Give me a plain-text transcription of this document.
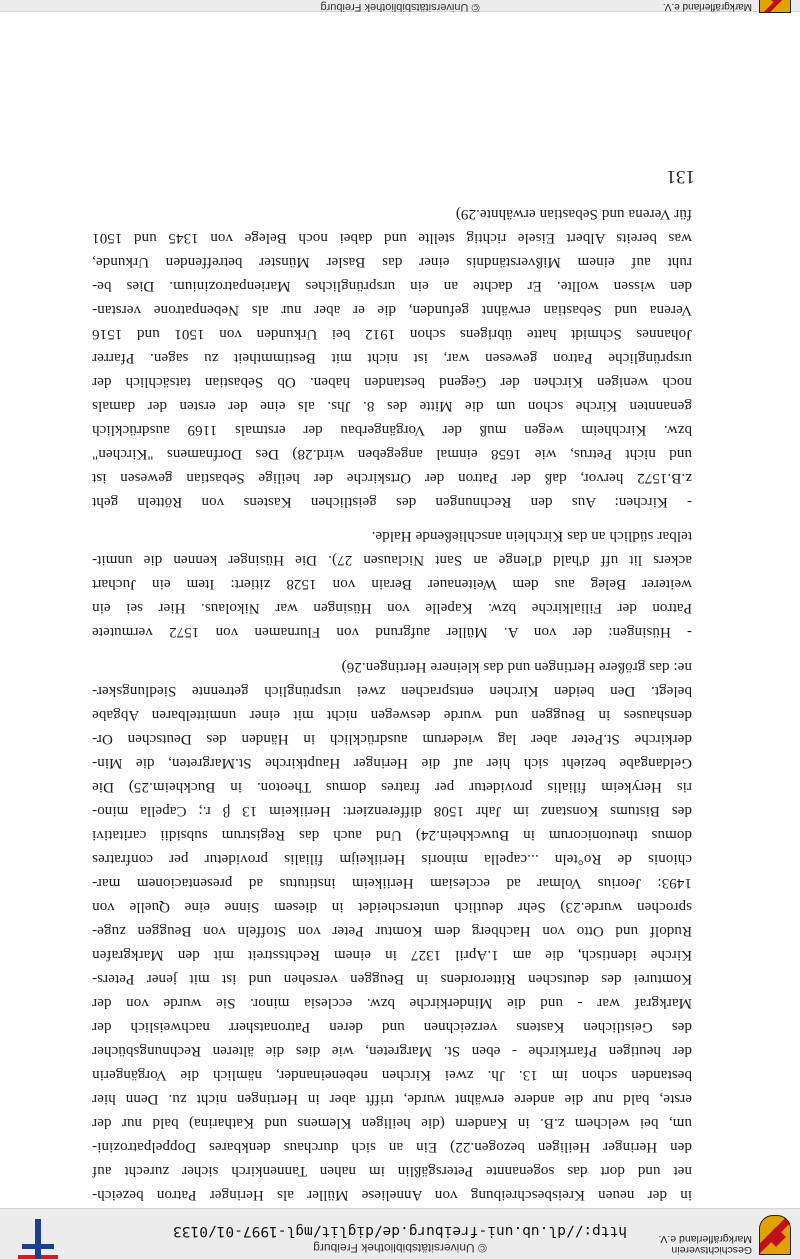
Geschichtsverein
Markgräflerland e.V.
© Universitätsbibliothek Freiburg
http://dl.ub.uni-freiburg.de/diglit/mgl-1997-01/0133
in der neuen Kreisbeschreibung von Anneliese Müller als Heringer Patron bezeich-
net und dort das sogenannte Petersgäßlin im nahen Tannenkirch sicher zurecht auf
den Heringer Heiligen bezogen.22) Ein an sich durchaus denkbares Doppelpatrozini-
um, bei welchem z.B. in Kandern (die heiligen Klemens und Katharina) bald nur der
erste, bald nur die andere erwähnt wurde, trifft aber in Hertingen nicht zu. Denn hier
bestanden schon im 13. Jh. zwei Kirchen nebeneinander, nämlich die Vorgängerin
der heutigen Pfarrkirche - eben St. Margreten, wie dies die älteren Rechnungsbücher
des Geistlichen Kastens verzeichnen und deren Patronatsherr nachweislich der
Markgraf war - und die Minderkirche bzw. ecclesia minor. Sie wurde von der
Komturei des deutschen Ritterordens in Beuggen versehen und ist mit jener Peters-
Kirche identisch, die am 1.April 1327 in einem Rechtsstreit mit den Markgrafen
Rudolf und Otto von Hachberg dem Komtur Peter von Stoffeln von Beuggen zuge-
sprochen wurde.23) Sehr deutlich unterscheidet in diesem Sinne eine Quelle von
1493: Jeorius Volmar ad ecclesiam Heriikeim institutus ad presentacionem mar-
chionis de Ro°teln ...capella minoris Heriikeijm filialis providetur per confratres
domus theutonicorum in Buwckhein.24) Und auch das Registrum subsidii caritativi
des Bistums Konstanz im Jahr 1508 differenziert: Heriikeim 13 β r.; Capella mino-
ris Herykeim filialis providetur per fratres domus Theoton. in Buckheim.25) Die
Geldangabe bezieht sich hier auf die Heringer Hauptkirche St.Margreten, die Min-
derkirche St.Peter aber lag wiederum ausdrücklich in Händen des Deutschen Or-
denshauses in Beuggen und wurde deswegen nicht mit einer unmittelbaren Abgabe
belegt. Den beiden Kirchen entsprachen zwei ursprünglich getrennte Siedlungsker-
ne: das größere Hertingen und das kleinere Hertingen.26)
- Hüsingen: der von A. Müller aufgrund von Flurnamen von 1572 vermutete
Patron der Filialkirche bzw. Kapelle von Hüsingen war Nikolaus. Hier sei ein
weiterer Beleg aus dem Weitenauer Berain von 1528 zitiert: Item ein Juchart
ackers lit uff d'hald d'lenge an Sant Niclausen 27). Die Hüsinger kennen die unmit-
telbar südlich an das Kirchlein anschließende Halde.
- Kirchen: Aus den Rechnungen des geistlichen Kastens von Rötteln geht
z.B.1572 hervor, daß der Patron der Ortskirche der heilige Sebastian gewesen ist
und nicht Petrus, wie 1658 einmal angegeben wird.28) Des Dorfnamens "Kirchen"
bzw. Kirchheim wegen muß der Vorgängerbau der erstmals 1169 ausdrücklich
genannten Kirche schon um die Mitte des 8. Jhs. als eine der ersten der damals
noch wenigen Kirchen der Gegend bestanden haben. Ob Sebastian tatsächlich der
ursprüngliche Patron gewesen war, ist nicht mit Bestimmtheit zu sagen. Pfarrer
Johannes Schmidt hatte übrigens schon 1912 bei Urkunden von 1501 und 1516
Verena und Sebastian erwähnt gefunden, die er aber nur als Nebenpatrone verstan-
den wissen wollte. Er dachte an ein ursprüngliches Marienpatrozinium. Dies be-
ruht auf einem Mißverständnis einer das Basler Münster betreffenden Urkunde,
was bereits Albert Eisele richtig stellte und dabei noch Belege von 1345 und 1501
für Verena und Sebastian erwähnte.29)
131
Markgräflerland e.V.
© Universitätsbibliothek Freiburg
